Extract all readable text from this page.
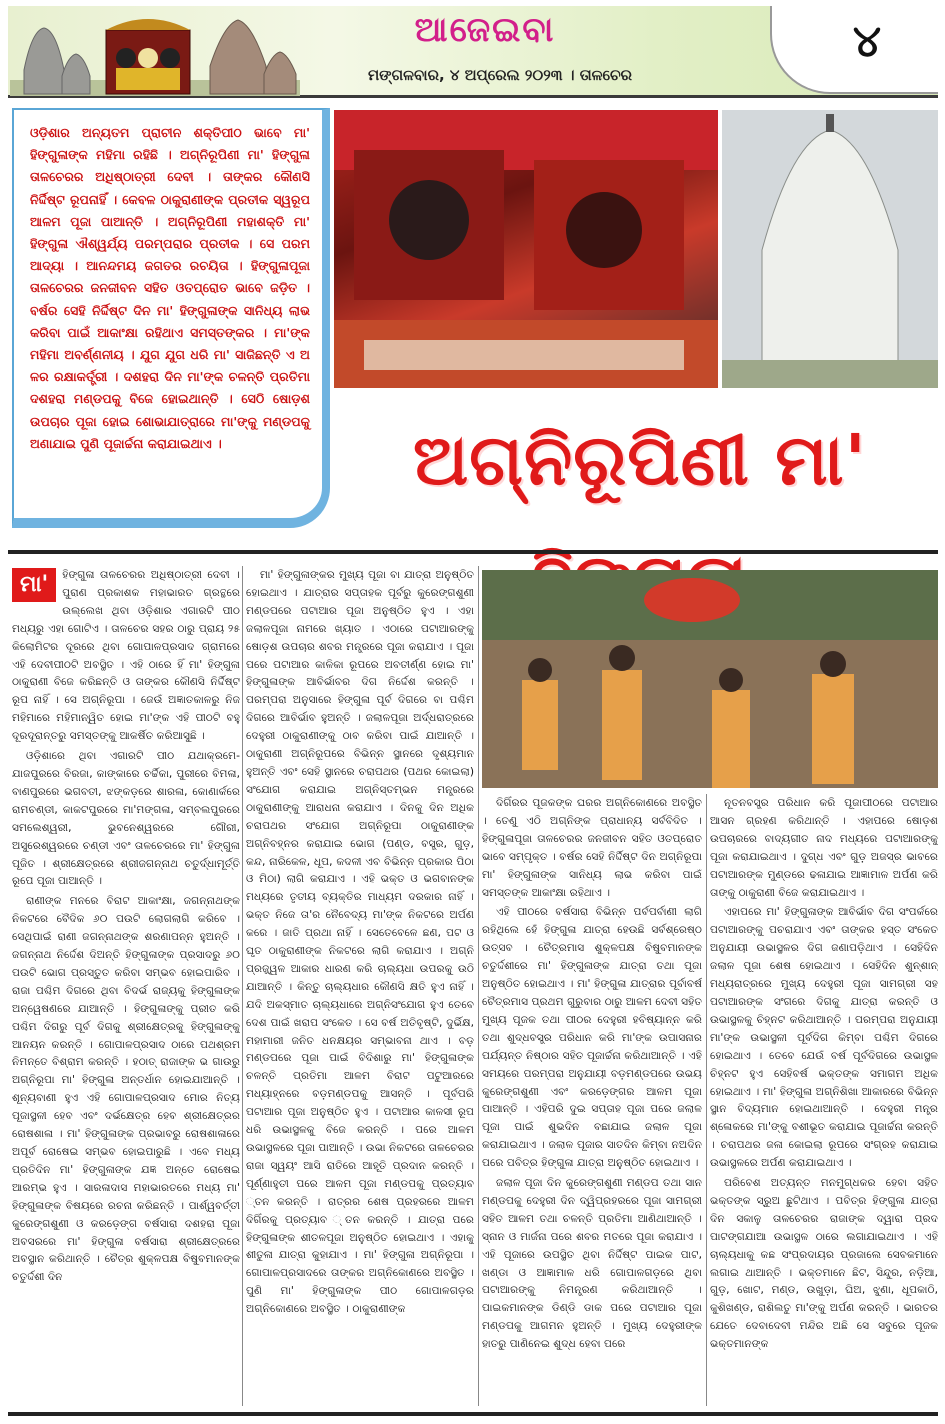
ଆଜେଇବା
ମଙ୍ଗଳବାର, ୪ ଅପ୍ରେଲ ୨୦୨୩ । ତାଳଚେର
୪
ଓଡ଼ିଶାର ଅନ୍ୟତମ ପ୍ରାଚୀନ ଶକ୍ତିପୀଠ ଭାବେ ମା' ହିଙ୍ଗୁଳାଙ୍କ ମହିମା ରହିଛି । ଅଗ୍ନିରୂପିଣୀ ମା' ହିଙ୍ଗୁଳା ତାଳଚେରର ଅଧିଷ୍ଠାତ୍ରୀ ଦେବୀ । ତାଙ୍କର କୌଣସି ନିର୍ଦ୍ଦିଷ୍ଟ ରୂପନାହିଁ । କେବଳ ଠାକୁରାଣୀଙ୍କ ପ୍ରତୀକ ସ୍ୱରୂପ ଆଳମ ପୂଜା ପାଆନ୍ତି । ଅଗ୍ନିରୂପିଣୀ ମହାଶକ୍ତି ମା' ହିଙ୍ଗୁଳା ଐଶ୍ୱର୍ଯ୍ୟ ପରମ୍ପରାର ପ୍ରତୀକ । ସେ ପରମ ଆଦ୍ୟା । ଆନନ୍ଦମୟ ଜଗତର ରଚୟିତା । ହିଙ୍ଗୁଳାପୂଜା ତାଳଚେରର ଜନଜୀବନ ସହିତ ଓତପ୍ରୋତ ଭାବେ ଜଡ଼ିତ । ବର୍ଷର ସେହି ନିର୍ଦ୍ଦିଷ୍ଟ ଦିନ ମା' ହିଙ୍ଗୁଳାଙ୍କ ସାନିଧ୍ୟ ଲାଭ କରିବା ପାଇଁ ଆକାଂକ୍ଷା ରହିଥାଏ ସମସ୍ତଙ୍କର । ମା'ଙ୍କ ମହିମା ଅବର୍ଣ୍ଣନୀୟ । ଯୁଗ ଯୁଗ ଧରି ମା' ସାଜିଛନ୍ତି ଏ ଅ ଳର ରକ୍ଷାକର୍ତ୍ତ୍ରୀ । ଦଶହରା ଦିନ ମା'ଙ୍କ ଚଳନ୍ତି ପ୍ରତିମା ଦଶହରା ମଣ୍ଡପକୁ ବିଜେ ହୋଇଥାନ୍ତି । ସେଠି ଷୋଡ଼ଶ ଉପଚାର ପୂଜା ହୋଇ ଶୋଭାଯାତ୍ରାରେ ମା'ଙ୍କୁ ମଣ୍ଡପକୁ ଅଣାଯାଇ ପୁଣି ପୂଜାର୍ଚ୍ଚନା କରାଯାଇଥାଏ ।	ଅଗ୍ନିରୂପିଣୀ ମା'
ମା'	ହିଙ୍ଗୁଳା ତାଳଚେରର ଅଧିଷ୍ଠାତ୍ରୀ ଦେବୀ । ପୁରାଣ ପ୍ରକାଶକ ମହାଭାରତ ଗ୍ରନ୍ଥରେ ଉଲ୍ଲେଖ ଥିବା ଓଡ଼ିଶାର ଏଗାରଟି ପୀଠ ମଧ୍ୟରୁ ଏହା ଗୋଟିଏ । ତାଳଚେର ସହର ଠାରୁ ପ୍ରାୟ ୨୫ କିଲୋମିଟର ଦୂରରେ ଥିବା ଗୋପାଳପ୍ରସାଦ ଗ୍ରାମରେ ଏହି ଦେବୀପୀଠଟି ଅବସ୍ଥିତ । ଏହି ଠାରେ ହିଁ ମା' ହିଙ୍ଗୁଳା ଠାକୁରାଣୀ ବିଜେ କରିଛନ୍ତି ଓ ତାଙ୍କର କୌଣସି ନିର୍ଦ୍ଦିଷ୍ଟ ରୂପ ନାହିଁ । ସେ ଅଗ୍ନିରୂପା । ଜେଉଁ ଅଜ୍ଞାତକାଳରୁ ନିଜ ମହିମାରେ ମହିମାନ୍ୱିତ ହୋଇ ମା'ଙ୍କ ଏହି ପୀଠଟି ବହୁ ଦୂରଦୂରାନ୍ତରୁ ସମସ୍ତଙ୍କୁ ଆକର୍ଷିତ କରିଆସୁଛି ।

ଓଡ଼ିଶାରେ ଥିବା ଏଗାରଟି ପୀଠ ଯଥାକ୍ରମେ- ଯାଜପୁରରେ ବିରଜା, କାଙ୍କାରେ ଚର୍ଚ୍ଚିକା, ପୁରୀରେ ବିମଳା, ବାଣପୁରରେ ଭଗବତୀ, ଝଙ୍କଡ଼ରେ ଶାରଳା, କୋଣାର୍କରେ ରାମଚଣ୍ଡୀ, କାକଟପୁରରେ ମା'ମଙ୍ଗଳା, ସମ୍ବଲପୁରରେ ସମଲେଶ୍ୱରୀ, ଭୁବନେଶ୍ୱରରେ ଗୌରୀ, ଅସୁରେଶ୍ୱରରେ ଚଣ୍ଡୀ ଏବଂ ତାଳଚେରରେ ମା' ହିଙ୍ଗୁଳା ପୂଜିତ । ଶ୍ରୀକ୍ଷେତ୍ରରେ ଶ୍ରୀଜଗନ୍ନାଥ ଚତୁର୍ଦ୍ଧାମୂର୍ତ୍ତି ରୂପେ ପୂଜା ପାଆନ୍ତି ।

ରାଣୀଙ୍କ ମନରେ ବିରାଟ ଆକାଂକ୍ଷା, ଜଗନ୍ନାଥଙ୍କ ନିକଟରେ ବୈଦିକ ୬୦ ପଉଟି ଲୋଗଲାଗି କରିବେ । ସେଥିପାଇଁ ରାଣୀ ଜଗନ୍ନାଥଙ୍କ ଶରଣାପନ୍ନ ହୁଅନ୍ତି । ଜଗନ୍ନାଥ ନିର୍ଦ୍ଦେଶ ଦିଅନ୍ତି ହିଙ୍ଗୁଳାଙ୍କ ପ୍ରସାଦରୁ ୬୦ ପଉଟି ଭୋଗ ପ୍ରସ୍ତୁତ କରିବା ସମ୍ଭବ ହୋଇପାରିବ । ରାଜା ପଶ୍ଚିମ ଦିଗରେ ଥିବା ବିଦର୍ଭ ରାଜ୍ୟକୁ ହିଙ୍ଗୁଳାଙ୍କ ଅନ୍ୱେଷଣରେ ଯାଆନ୍ତି । ହିଙ୍ଗୁଳାଙ୍କୁ ପ୍ରୀତ କରି ପଶ୍ଚିମ ଦିଗରୁ ପୂର୍ବ ଦିଗକୁ ଶ୍ରୀକ୍ଷେତ୍ରକୁ ହିଙ୍ଗୁଳାଙ୍କୁ ଆନୟନ କରନ୍ତି । ଗୋପାଳପ୍ରସାଦ ଠାରେ ପଥଶ୍ରମ ନିମନ୍ତେ ବିଶ୍ରାମ କରନ୍ତି । ହଠାତ୍ ରାଜାଙ୍କ ଭ ଗାଉରୁ ଅଗ୍ନିରୂପା ମା' ହିଙ୍ଗୁଳା ଅନ୍ତର୍ଧାନ ହୋଇଯାଆନ୍ତି । ଶୂନ୍ୟବାଣୀ ହୁଏ ଏହି ଗୋପାଳପ୍ରସାଦ ମୋର ନିତ୍ୟ ପୂଜାସ୍ଥଳୀ ହେବ ଏବଂ ଦର୍ଭକ୍ଷେତ୍ର ହେବ ଶ୍ରୀକ୍ଷେତ୍ରର ରୋଷଶାଳା । ମା' ହିଙ୍ଗୁଳାଙ୍କ ପ୍ରଭାବରୁ ରୋଷଶାଳାରେ ଅପୂର୍ବ ରୋଷେଇ ସମ୍ଭବ ହୋଇପାରୁଛି । ଏବେ ମଧ୍ୟ ପ୍ରତିଦିନ ମା' ହିଙ୍ଗୁଳାଙ୍କ ଯଜ୍ଞ ଅନ୍ତେ ରୋଷେଇ ଆରମ୍ଭ ହୁଏ । ସାରଳାଦାସ ମହାଭାରତରେ ମଧ୍ୟ ମା' ହିଙ୍ଗୁଳାଙ୍କ ବିଷୟରେ ରଚନା କରିଛନ୍ତି । ପାର୍ଶ୍ୱବର୍ତ୍ତୀ କୁରେଙ୍ଗଶୁଣୀ ଓ କରଡ଼େଙ୍ଗ ବର୍ଷସାରା ଦଶହରା ପୂଜା ଅବସରରେ ମା' ହିଙ୍ଗୁଳା ବର୍ଷସାରା ଶ୍ରୀକ୍ଷେତ୍ରରେ ଅବସ୍ଥାନ କରିଥାନ୍ତି । ଚୈତ୍ର ଶୁକ୍ଳପକ୍ଷ ବିଷୁବମାନଙ୍କ ଚତୁର୍ଦ୍ଦଶୀ ଦିନ

ମା' ହିଙ୍ଗୁଳାଙ୍କର ମୁଖ୍ୟ ପୂଜା ବା ଯାତ୍ରା ଅନୁଷ୍ଠିତ ହୋଇଥାଏ । ଯାତ୍ରାର ସପ୍ତାହକ ପୂର୍ବରୁ କୁରେଙ୍ଗଶୁଣୀ ମଣ୍ଡପରେ ପଟାଆର ପୂଜା ଅନୁଷ୍ଠିତ ହୁଏ । ଏହା ଜଲାଳପୂଜା ନାମରେ ଖ୍ୟାତ । ଏଠାରେ ପଟାଆରଙ୍କୁ ଷୋଡ଼ଶ ଉପଚାର ଶବର ମନ୍ତ୍ରରେ ପୂଜା କରାଯାଏ । ପୂଜା ପରେ ପଟାଆର କାଳିକା ରୂପରେ ଅବତୀର୍ଣ୍ଣ ହୋଇ ମା' ହିଙ୍ଗୁଳାଙ୍କ ଆବିର୍ଭାବର ଦିଗ ନିର୍ଦ୍ଦେଶ କରନ୍ତି । ପରମ୍ପରା ଅନୁସାରେ ହିଙ୍ଗୁଳା ପୂର୍ବ ଦିଗରେ ବା ପଶ୍ଚିମ ଦିଗରେ ଆବିର୍ଭାବ ହୁଅନ୍ତି । ଜଲାଳପୂଜା ଅର୍ଦ୍ଧରାତ୍ରରେ ଦେହୁରୀ ଠାକୁରାଣୀଙ୍କୁ ଠାବ କରିବା ପାଇଁ ଯାଆନ୍ତି । ଠାକୁରାଣୀ ଅଗ୍ନିରୂପରେ ବିଭିନ୍ନ ସ୍ଥାନରେ ଦୃଶ୍ୟମାନ ହୁଅନ୍ତି ଏବଂ ସେହି ସ୍ଥାନରେ ଚରାପଥର (ପଥର କୋଇଲା) ସଂଯୋଗ କରାଯାଇ ଅଗ୍ନିସ୍ତମ୍ଭନ ମନ୍ତ୍ରରେ ଠାକୁରାଣୀଙ୍କୁ ଆରାଧନା କରାଯାଏ । ଦିନକୁ ଦିନ ଅଧିକ ଚରାପଥର ସଂଯୋଗ ଅଗ୍ନିରୂପା ଠାକୁରାଣୀଙ୍କ ଅଗ୍ନିବହ୍ନର କରାଯାଇ ଭୋଗ (ପଣ୍ଡ, ବସ୍ତ୍ର, ଗୁଡ଼, କନ୍ଦ, ନାରିକେଳ, ଧୂପ, କଦଳୀ ଏବ ବିଭିନ୍ନ ପ୍ରକାର ପିଠା ଓ ମିଠା) ଲାଗି କରାଯାଏ । ଏହି ଭକ୍ତ ଓ ଭଗବାନଙ୍କ ମଧ୍ୟରେ ତୃତୀୟ ବ୍ୟକ୍ତିର ମାଧ୍ୟମ ଦରକାର ନାହିଁ । ଭକ୍ତ ନିଜେ ତା'ର ନୈବେଦ୍ୟ ମା'ଙ୍କ ନିକଟରେ ଅର୍ପଣ କରେ । ଜାତି ପ୍ରଥା ନାହିଁ । ସେତେବେଳେ ଛଣ, ପଟ ଓ ଘୃତ ଠାକୁରାଣୀଙ୍କ ନିକଟରେ ଲାଗି କରାଯାଏ । ଅଗ୍ନି ପ୍ରଜ୍ଜ୍ୱଳ ଆକାର ଧାରଣ କରି ଚାଲ୍ୟଧା ଉପରକୁ ଉଠି ଯାଆନ୍ତି । କିନ୍ତୁ ଚାଲ୍ୟଧାର କୌଣସି କ୍ଷତି ହୁଏ ନାହିଁ । ଯଦି ଅକସ୍ମାତ ଚାଲ୍ୟଧାରେ ଅଗ୍ନିସଂଯୋଗ ହୁଏ ତେବେ ଦେଶ ପାଇଁ ଖରାପ ସଂକେତ । ସେ ବର୍ଷ ଅତିବୃଷ୍ଟି, ଦୁର୍ଭିକ୍ଷ, ମହାମାରୀ ଜନିତ ଧନକ୍ଷୟର ସମ୍ଭାବନା ଥାଏ । ବଡ଼ ମଣ୍ଡପରେ ପୂଜା ପାଇଁ ବିଦିଶାରୁ ମା' ହିଙ୍ଗୁଳାଙ୍କ ଚଳନ୍ତି ପ୍ରତିମା ଆଳମ ବିରାଟ ପଟୁଆରରେ ମଧ୍ୟାହ୍ନରେ ବଡ଼ମଣ୍ଡପକୁ ଆସନ୍ତି । ପୂର୍ବପରି ପଟାଆର ପୂଜା ଅନୁଷ୍ଠିତ ହୁଏ । ପଟାଆର କାଳସୀ ରୂପ ଧରି ଉଭାସ୍ଥଳକୁ ବିଜେ କରନ୍ତି । ପରେ ଆଳମ ଉଭାସ୍ଥଳରେ ପୂଜା ପାଆନ୍ତି । ଉଭା ନିକଟରେ ତାଳଚେରର ରାଜା ସ୍ୱୟଂ ଆସି ରାତିରେ ଆହୂତି ପ୍ରଦାନ କରନ୍ତି । ପୂର୍ଣ୍ଣାହୁତୀ ପରେ ଆଳମ ପୂଜା ମଣ୍ଡପକୁ ପ୍ରତ୍ୟାବ ୍ତନ କରନ୍ତି । ରାତ୍ରର ଶେଷ ପ୍ରହରରେ ଆଳମ ଦିଗିଁରକୁ ପ୍ରତ୍ୟାବ ୍ତନ କରନ୍ତି । ଯାତ୍ରା ପରେ ହିଙ୍ଗୁଳାଙ୍କ ଶୀତଳପୂଜା ଅନୁଷ୍ଠିତ ହୋଇଥାଏ । ଏହାକୁ ଶୀତୁଳା ଯାତ୍ରା କୁହାଯାଏ । ମା' ହିଙ୍ଗୁଳା ଅଗ୍ନିରୂପା । ଗୋପାଳପ୍ରସାଦରେ ତାଙ୍କର ଅଗ୍ନିକୋଣରେ ଅବସ୍ଥିତ । ପୁଣି ମା' ହିଙ୍ଗୁଳାଙ୍କ ପୀଠ ଗୋପାଳଗଡ଼ର ଅଗ୍ନିକୋଣରେ ଅବସ୍ଥିତ । ଠାକୁରାଣୀଙ୍କ

ଦିଗିଁରର ପୂଜକଙ୍କ ଘରର ଅଗ୍ନିକୋଣରେ ଅବସ୍ଥିତ । ତେଣୁ ଏଠି ଅଗ୍ନିଙ୍କ ପ୍ରାଧାନ୍ୟ ସର୍ବବିଦିତ । ହିଙ୍ଗୁଳାପୂଜା ତାଳଚେରର ଜନଜୀବନ ସହିତ ଓତପ୍ରୋତ ଭାବେ ସମ୍ପୃକ୍ତ । ବର୍ଷର ସେହି ନିର୍ଦ୍ଦିଷ୍ଟ ଦିନ ଅଗ୍ନିରୂପା ମା' ହିଙ୍ଗୁଳାଙ୍କ ସାନିଧ୍ୟ ଲାଭ କରିବା ପାଇଁ ସମସ୍ତଙ୍କ ଆକାଂକ୍ଷା ରହିଥାଏ ।

ଏହି ପୀଠରେ ବର୍ଷସାରା ବିଭିନ୍ନ ପର୍ବପର୍ବାଣୀ ଲାଗି ରହିଥିଲେ ହେଁ ହିଙ୍ଗୁଳା ଯାତ୍ରା ହେଉଛି ସର୍ବଶ୍ରେଷ୍ଠ ଉତ୍ସବ । ଚୈତ୍ରମାସ ଶୁକ୍ଳପକ୍ଷ ବିଷୁବମାନଙ୍କ ଚତୁର୍ଦ୍ଦଶୀରେ ମା' ହିଙ୍ଗୁଳାଙ୍କ ଯାତ୍ରା ତଥା ପୂଜା ଅନୁଷ୍ଠିତ ହୋଇଥାଏ । ମା' ହିଙ୍ଗୁଳା ଯାତ୍ରାର ପୂର୍ବାବର୍ଷ ଚୈତ୍ରମାସ ପ୍ରଥମ ଗୁରୁବାର ଠାରୁ ଆଳମ ଦେବୀ ସହିତ ମୁଖ୍ୟ ପୂଜକ ତଥା ପୀଠର ଦେହୁରୀ ହବିଷ୍ୟାନ୍ନ କରି ତଥା ଶୁଦ୍ଧବସ୍ତ୍ର ପରିଧାନ କରି ମା'ଙ୍କ ଉପାସନାର ପର୍ଯ୍ୟନ୍ତ ନିଷ୍ଠାର ସହିତ ପୂଜାର୍ଚ୍ଚନା କରିଥାଆନ୍ତି । ଏହି ସମୟରେ ପରମ୍ପରା ଅନୁଯାୟୀ ବଡ଼ମଣ୍ଡପରେ ଉଭୟ କୁରେଙ୍ଗଶୁଣୀ ଏବଂ କରଡ଼େଙ୍ଗର ଆଳମ ପୂଜା ପାଆନ୍ତି । ଏହିପରି ଦୁଇ ସପ୍ତାହ ପୂଜା ପରେ ଜଲାଳ ପୂଜା ପାଇଁ ଶୁଭଦିନ ବଛାଯାଇ ଜଲାଳ ପୂଜା କରାଯାଇଥାଏ । ଜଲାଳ ପୂଜାର ସାତଦିନ କିମ୍ବା ନଅଦିନ ପରେ ପବିତ୍ର ହିଙ୍ଗୁଳା ଯାତ୍ରା ଅନୁଷ୍ଠିତ ହୋଇଥାଏ ।

ଜଲାଳ ପୂଜା ଦିନ କୁରେଙ୍ଗଶୁଣୀ ମଣ୍ଡପ ତଥା ସାନ ମଣ୍ଡପକୁ ଦେହୁରୀ ଦିନ ଦ୍ୱିପ୍ରହରରେ ପୂଜା ସାମଗ୍ରୀ ସହିତ ଆଳମ ତଥା ଚଳନ୍ତି ପ୍ରତିମା ଆଣିଥାଆନ୍ତି । ସ୍ନାନ ଓ ମାର୍ଜନା ପରେ ଶବର ମତରେ ପୂଜା କରାଯାଏ । ଏହି ପୂଜାରେ ଉପସ୍ଥିତ ଥିବା ନିର୍ଦ୍ଦିଷ୍ଟ ପାଇକ ପାଟ, ଖଣ୍ଡା ଓ ଆଜ୍ଞାମାଳ ଧରି ଗୋପାଳଗଡ଼ରେ ଥିବା ପଟାଆରଙ୍କୁ ନିମନ୍ତ୍ରଣ କରିଥାଆନ୍ତି । ପାଇକମାନଙ୍କ ଡିଣ୍ଡି ଡାକ ପରେ ପଟାଆର ପୂଜା ମଣ୍ଡପକୁ ଆଗମନ ହୁଅନ୍ତି । ମୁଖ୍ୟ ଦେହୁରୀଙ୍କ ହାତରୁ ପାଣିନେଇ ଶୁଦ୍ଧ ହେବା ପରେ

ନୂତନବସ୍ତ୍ର ପରିଧାନ କରି ପୂଜାପୀଠରେ ପଟାଆର ଆସନ ଗ୍ରହଣ କରିଥାନ୍ତି । ଏହାପରେ ଷୋଡ଼ଶ ଉପଚାରରେ ବାଦ୍ୟଗୀତ ନାଦ ମଧ୍ୟରେ ପଟାଆରଙ୍କୁ ପୂଜା କରାଯାଇଥାଏ । ଦୁଗ୍ଧ ଏବଂ ଗୁଡ଼ ଅଜସ୍ର ଭାବରେ ପଟାଆରଙ୍କ ମୁଣ୍ଡରେ ଢଳାଯାଇ ଆଜ୍ଞାମାଳ ଅର୍ପଣ କରି ତାଙ୍କୁ ଠାକୁରାଣୀ ବିଜେ କରାଯାଇଥାଏ ।

ଏହାପରେ ମା' ହିଙ୍ଗୁଳାଙ୍କ ଆବିର୍ଭାବ ଦିଗ ସଂପର୍କରେ ପଟାଆରଙ୍କୁ ପଚରାଯାଏ ଏବଂ ତାଙ୍କର ହସ୍ତ ସଂକେତ ଅନୁଯାୟୀ ଉଭାସ୍ଥଳର ଦିଗ ଜଣାପଡ଼ିଥାଏ । ସେହିଦିନ ଜଲାଳ ପୂଜା ଶେଷ ହୋଇଥାଏ । ସେହିଦିନ ଶୁନ୍ଶାନ୍ ମଧ୍ୟରାତ୍ରରେ ମୁଖ୍ୟ ଦେହୁରୀ ପୂଜା ସାମଗ୍ରୀ ସହ ପଟାଆରଙ୍କ ସଂଗରେ ଦିଗକୁ ଯାତ୍ରା କରନ୍ତି ଓ ଉଭାସ୍ଥଳକୁ ଚିହ୍ନଟ କରିଥାଆନ୍ତି । ପରମ୍ପରା ଅନୁଯାୟୀ ମା'ଙ୍କ ଉଭାସ୍ଥଳୀ ପୂର୍ବଦିଗ କିମ୍ବା ପଶ୍ଚିମ ଦିଗରେ ହୋଇଥାଏ । ତେବେ ଯେଉଁ ବର୍ଷ ପୂର୍ବଦିଗରେ ଉଭାସ୍ଥଳ ଚିହ୍ନଟ ହୁଏ ସେହିବର୍ଷ ଭକ୍ତଙ୍କ ସମାଗମ ଅଧିକ ହୋଇଥାଏ । ମା' ହିଙ୍ଗୁଳା ଅଗ୍ନିଶିଖା ଆକାରରେ ବିଭିନ୍ନ ସ୍ଥାନ ବିଦ୍ୟମାନ ହୋଇଥାଆନ୍ତି । ଦେହୁରୀ ମନ୍ତ୍ର ଶ୍ଳୋକରେ ମା'ଙ୍କୁ ବଶୀଭୂତ କରାଯାଇ ପୂଜାର୍ଚ୍ଚନା କରନ୍ତି । ଚରାପଥର ଜଳା କୋଇଲା ରୂପରେ ସଂଗ୍ରହ କରାଯାଇ ଉଭାସ୍ଥଳରେ ଅର୍ପଣ କରାଯାଇଥାଏ ।

ପରିବେଶ ଅତ୍ୟନ୍ତ ମନମୁଗ୍ଧକର ହେବା ସହିତ ଭକ୍ତଙ୍କ ସ୍ରୁଅ ଛୁଟିଥାଏ । ପବିତ୍ର ହିଙ୍ଗୁଳା ଯାତ୍ରା ଦିନ ସକାଳୁ ତାଳଚେରର ରାଜାଙ୍କ ଦ୍ୱାରା ପ୍ରଦ ପାଟଙ୍ଗଯାଆ ଉଭାସ୍ଥଳ ଠାରେ ଲଗାଯାଇଥାଏ । ଏହି ଚାଲ୍ୟଧାକୁ କଛ ସଂପ୍ରଦାୟର ପ୍ରଜାଲେ ସେବକମାନେ ଲଗାଇ ଥାଆନ୍ତି । ଭକ୍ତମାନେ ଛିଟ, ସିନ୍ଦୁର, ନଡ଼ିଆ, ଗୁଡ଼, ଖୋଟ, ମଣ୍ଡ, ଉଖୁଡ଼ା, ଘିଅ, ଝୁଣା, ଧୂପକାଠି, କୁଶିଖଣ୍ଡ, ରାଶିଲତୁ ମା'ଙ୍କୁ ଅର୍ପଣ କରନ୍ତି । ଭାରତର ଯେତେ ଦେବାଦେବୀ ମନ୍ଦିର ଅଛି ସେ ସବୁରେ ପୂଜକ ଭକ୍ତମାନଙ୍କ
